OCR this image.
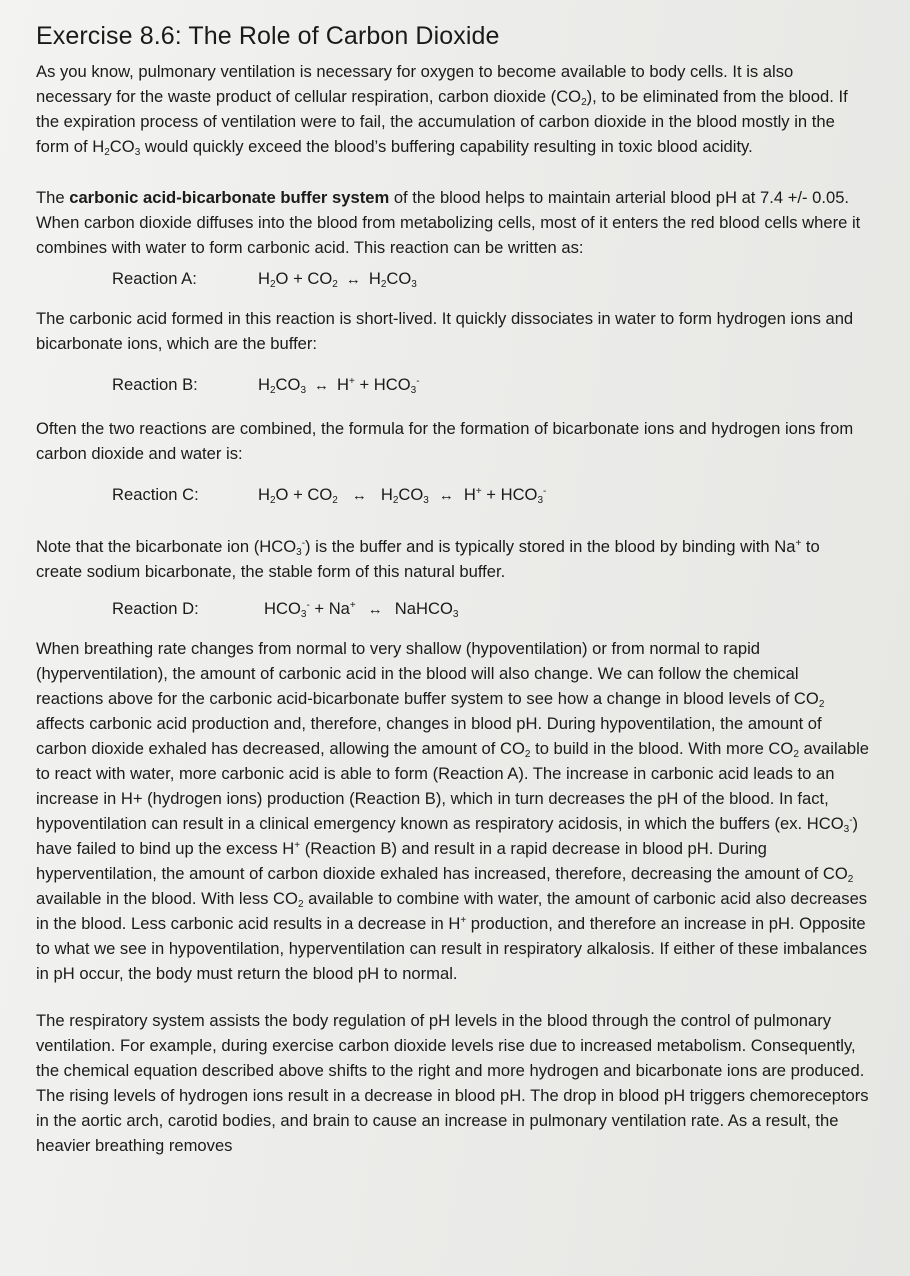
Exercise 8.6: The Role of Carbon Dioxide

As you know, pulmonary ventilation is necessary for oxygen to become available to body cells. It is also necessary for the waste product of cellular respiration, carbon dioxide $(CO_2)$, to be eliminated from the blood. If the expiration process of ventilation were to fail, the accumulation of carbon dioxide in the blood mostly in the form of $H_2CO_3$ would quickly exceed the blood’s buffering capability resulting in toxic blood acidity.

The carbonic acid-bicarbonate buffer system of the blood helps to maintain arterial blood pH at 7.4 +/- 0.05. When carbon dioxide diffuses into the blood from metabolizing cells, most of it enters the red blood cells where it combines with water to form carbonic acid. This reaction can be written as:

Reaction A:	$H_2O + CO_2$ ↔ $H_2CO_3$

The carbonic acid formed in this reaction is short-lived. It quickly dissociates in water to form hydrogen ions and bicarbonate ions, which are the buffer:

Reaction B:	$H_2CO_3$ ↔ $H^+ + HCO_3^-$

Often the two reactions are combined, the formula for the formation of bicarbonate ions and hydrogen ions from carbon dioxide and water is:

Reaction C:	$H_2O + CO_2$ ↔ $H_2CO_3$ ↔ $H^+ + HCO_3^-$

Note that the bicarbonate ion $(HCO_3^-)$ is the buffer and is typically stored in the blood by binding with Na+ to create sodium bicarbonate, the stable form of this natural buffer.

Reaction D:	$HCO_3^- + Na^+$ ↔ NaHCO$_3$

When breathing rate changes from normal to very shallow (hypoventilation) or from normal to rapid (hyperventilation), the amount of carbonic acid in the blood will also change. We can follow the chemical reactions above for the carbonic acid-bicarbonate buffer system to see how a change in blood levels of $CO_2$ affects carbonic acid production and, therefore, changes in blood pH. During hypoventilation, the amount of carbon dioxide exhaled has decreased, allowing the amount of $CO_2$ to build in the blood. With more $CO_2$ available to react with water, more carbonic acid is able to form (Reaction A). The increase in carbonic acid leads to an increase in H+ (hydrogen ions) production (Reaction B), which in turn decreases the pH of the blood. In fact, hypoventilation can result in a clinical emergency known as respiratory acidosis, in which the buffers (ex. $HCO_3^-$) have failed to bind up the excess H+ (Reaction B) and result in a rapid decrease in blood pH. During hyperventilation, the amount of carbon dioxide exhaled has increased, therefore, decreasing the amount of $CO_2$ available in the blood. With less $CO_2$ available to combine with water, the amount of carbonic acid also decreases in the blood. Less carbonic acid results in a decrease in H+ production, and therefore an increase in pH. Opposite to what we see in hypoventilation, hyperventilation can result in respiratory alkalosis. If either of these imbalances in pH occur, the body must return the blood pH to normal.

The respiratory system assists the body regulation of pH levels in the blood through the control of pulmonary ventilation. For example, during exercise carbon dioxide levels rise due to increased metabolism. Consequently, the chemical equation described above shifts to the right and more hydrogen and bicarbonate ions are produced. The rising levels of hydrogen ions result in a decrease in blood pH. The drop in blood pH triggers chemoreceptors in the aortic arch, carotid bodies, and brain to cause an increase in pulmonary ventilation rate. As a result, the heavier breathing removes
